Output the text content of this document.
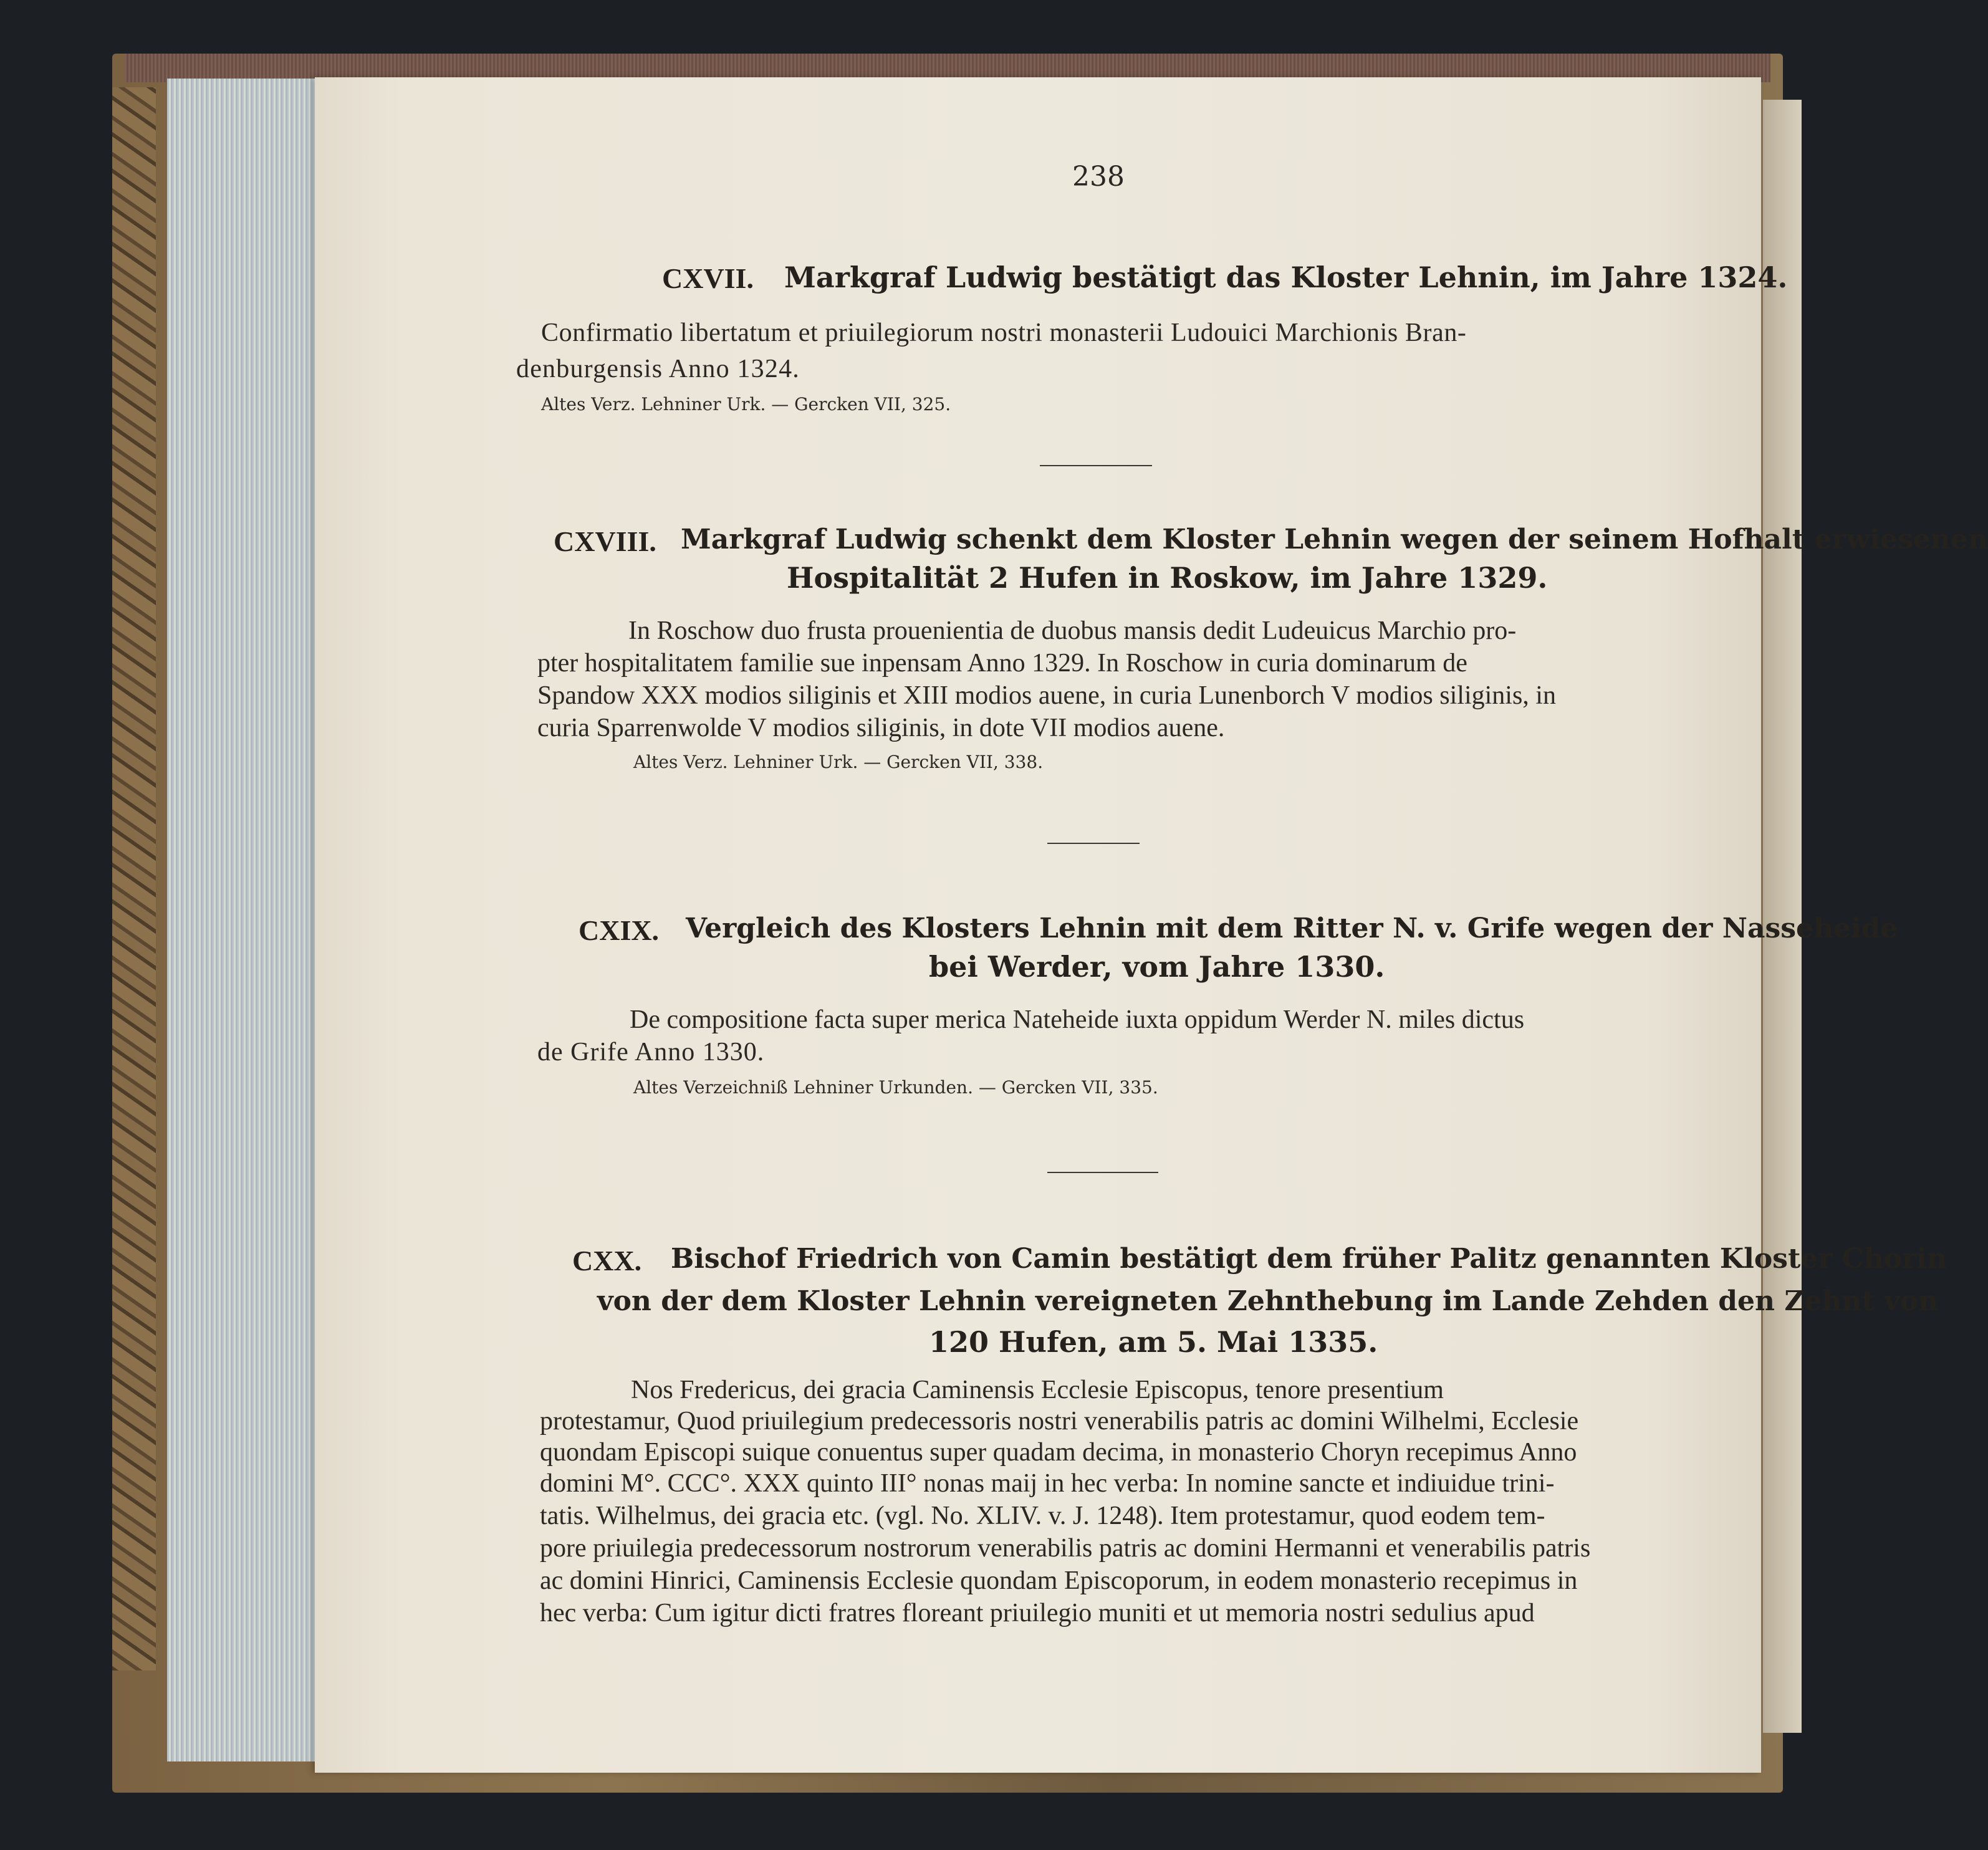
238
CXVII. Markgraf Ludwig bestätigt das Kloster Lehnin, im Jahre 1324.
Confirmatio libertatum et priuilegiorum nostri monasterii Ludouici Marchionis Bran-
denburgensis Anno 1324.
Altes Verz. Lehniner Urk. — Gercken VII, 325.
CXVIII. Markgraf Ludwig schenkt dem Kloster Lehnin wegen der seinem Hofhalt erwiesenen
Hospitalität 2 Hufen in Roskow, im Jahre 1329.
In Roschow duo frusta prouenientia de duobus mansis dedit Ludeuicus Marchio pro-
pter hospitalitatem familie sue inpensam Anno 1329. In Roschow in curia dominarum de
Spandow XXX modios siliginis et XIII modios auene, in curia Lunenborch V modios siliginis, in
curia Sparrenwolde V modios siliginis, in dote VII modios auene.
Altes Verz. Lehniner Urk. — Gercken VII, 338.
CXIX. Vergleich des Klosters Lehnin mit dem Ritter N. v. Grife wegen der Nasseheide
bei Werder, vom Jahre 1330.
De compositione facta super merica Nateheide iuxta oppidum Werder N. miles dictus
de Grife Anno 1330.
Altes Verzeichniß Lehniner Urkunden. — Gercken VII, 335.
CXX. Bischof Friedrich von Camin bestätigt dem früher Palitz genannten Kloster Chorin
von der dem Kloster Lehnin vereigneten Zehnthebung im Lande Zehden den Zehnt von
120 Hufen, am 5. Mai 1335.
Nos Fredericus, dei gracia Caminensis Ecclesie Episcopus, tenore presentium
protestamur, Quod priuilegium predecessoris nostri venerabilis patris ac domini Wilhelmi, Ecclesie
quondam Episcopi suique conuentus super quadam decima, in monasterio Choryn recepimus Anno
domini M°. CCC°. XXX quinto III° nonas maij in hec verba: In nomine sancte et indiuidue trini-
tatis. Wilhelmus, dei gracia etc. (vgl. No. XLIV. v. J. 1248). Item protestamur, quod eodem tem-
pore priuilegia predecessorum nostrorum venerabilis patris ac domini Hermanni et venerabilis patris
ac domini Hinrici, Caminensis Ecclesie quondam Episcoporum, in eodem monasterio recepimus in
hec verba: Cum igitur dicti fratres floreant priuilegio muniti et ut memoria nostri sedulius apud
